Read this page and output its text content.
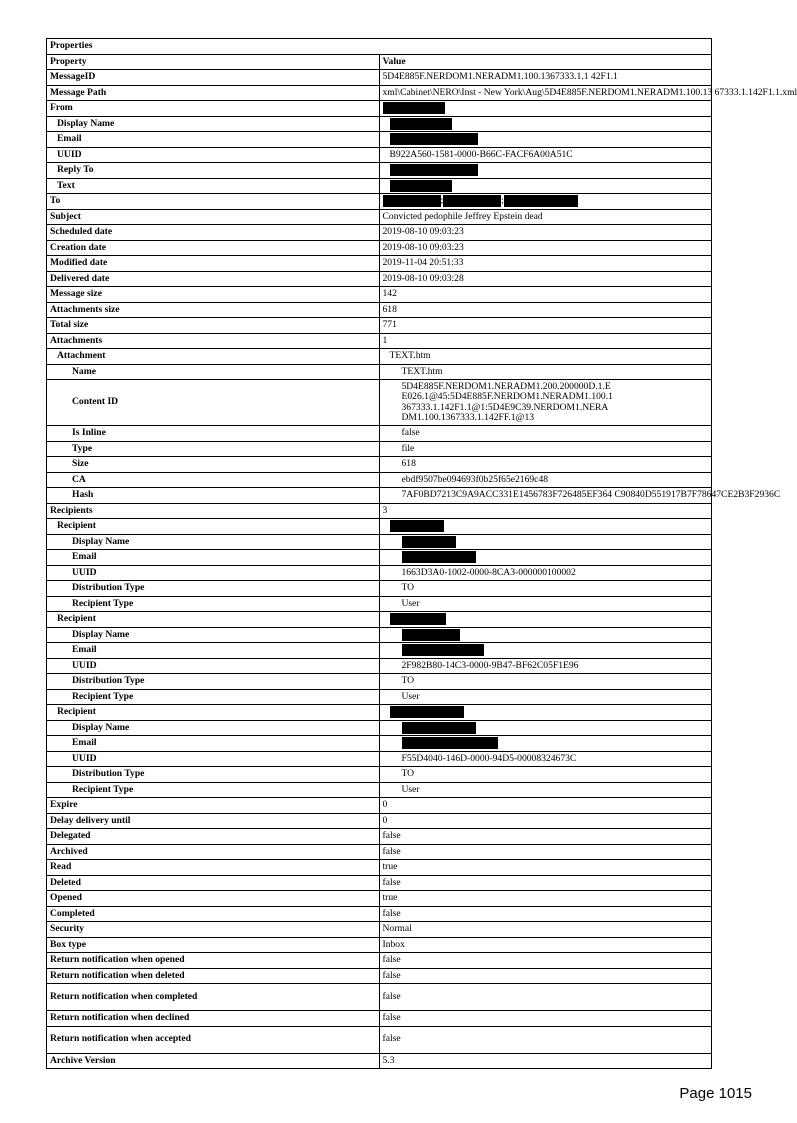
Properties	
Property	Value
MessageID	5D4E885F.NERDOM1.NERADM1.100.1367333.1.1 42F1.1
Message Path	xml\Cabinet\NERO\Inst - New York\Aug\5D4E885F.NERDOM1.NERADM1.100.13 67333.1.142F1.1.xml
From	
Display Name	
Email	
UUID	B922A560-1581-0000-B66C-FACF6A00A51C
Reply To	
Text	
To	; ;
Subject	Convicted pedophile Jeffrey Epstein dead
Scheduled date	2019-08-10 09:03:23
Creation date	2019-08-10 09:03:23
Modified date	2019-11-04 20:51:33
Delivered date	2019-08-10 09:03:28
Message size	142
Attachments size	618
Total size	771
Attachments	1
Attachment	TEXT.htm
Name	TEXT.htm
Content ID	5D4E885F.NERDOM1.NERADM1.200.200000D.1.E
E026.1@45:5D4E885F.NERDOM1.NERADM1.100.1
367333.1.142F1.1@1:5D4E9C39.NERDOM1.NERA DM1.100.1367333.1.142FF.1@13

Is Inline	false
Type	file
Size	618
CA	ebdf9507be094693f0b25f65e2169c48
Hash	7AF0BD7213C9A9ACC331E1456783F726485EF364 C90840D551917B7F78647CE2B3F2936C
Recipients	3
Recipient	
Display Name	
Email	
UUID	1663D3A0-1002-0000-8CA3-000000100002
Distribution Type	TO
Recipient Type	User
Recipient	
Display Name	
Email	
UUID	2F982B80-14C3-0000-9B47-BF62C05F1E96
Distribution Type	TO
Recipient Type	User
Recipient	
Display Name	
Email	
UUID	F55D4040-146D-0000-94D5-00008324673C
Distribution Type	TO
Recipient Type	User
Expire	0
Delay delivery until	0
Delegated	false
Archived	false
Read	true
Deleted	false
Opened	true
Completed	false
Security	Normal
Box type	Inbox
Return notification when opened	false
Return notification when deleted	false
Return notification when completed	false
Return notification when declined	false
Return notification when accepted	false
Archive Version	5.3
Page 1015
